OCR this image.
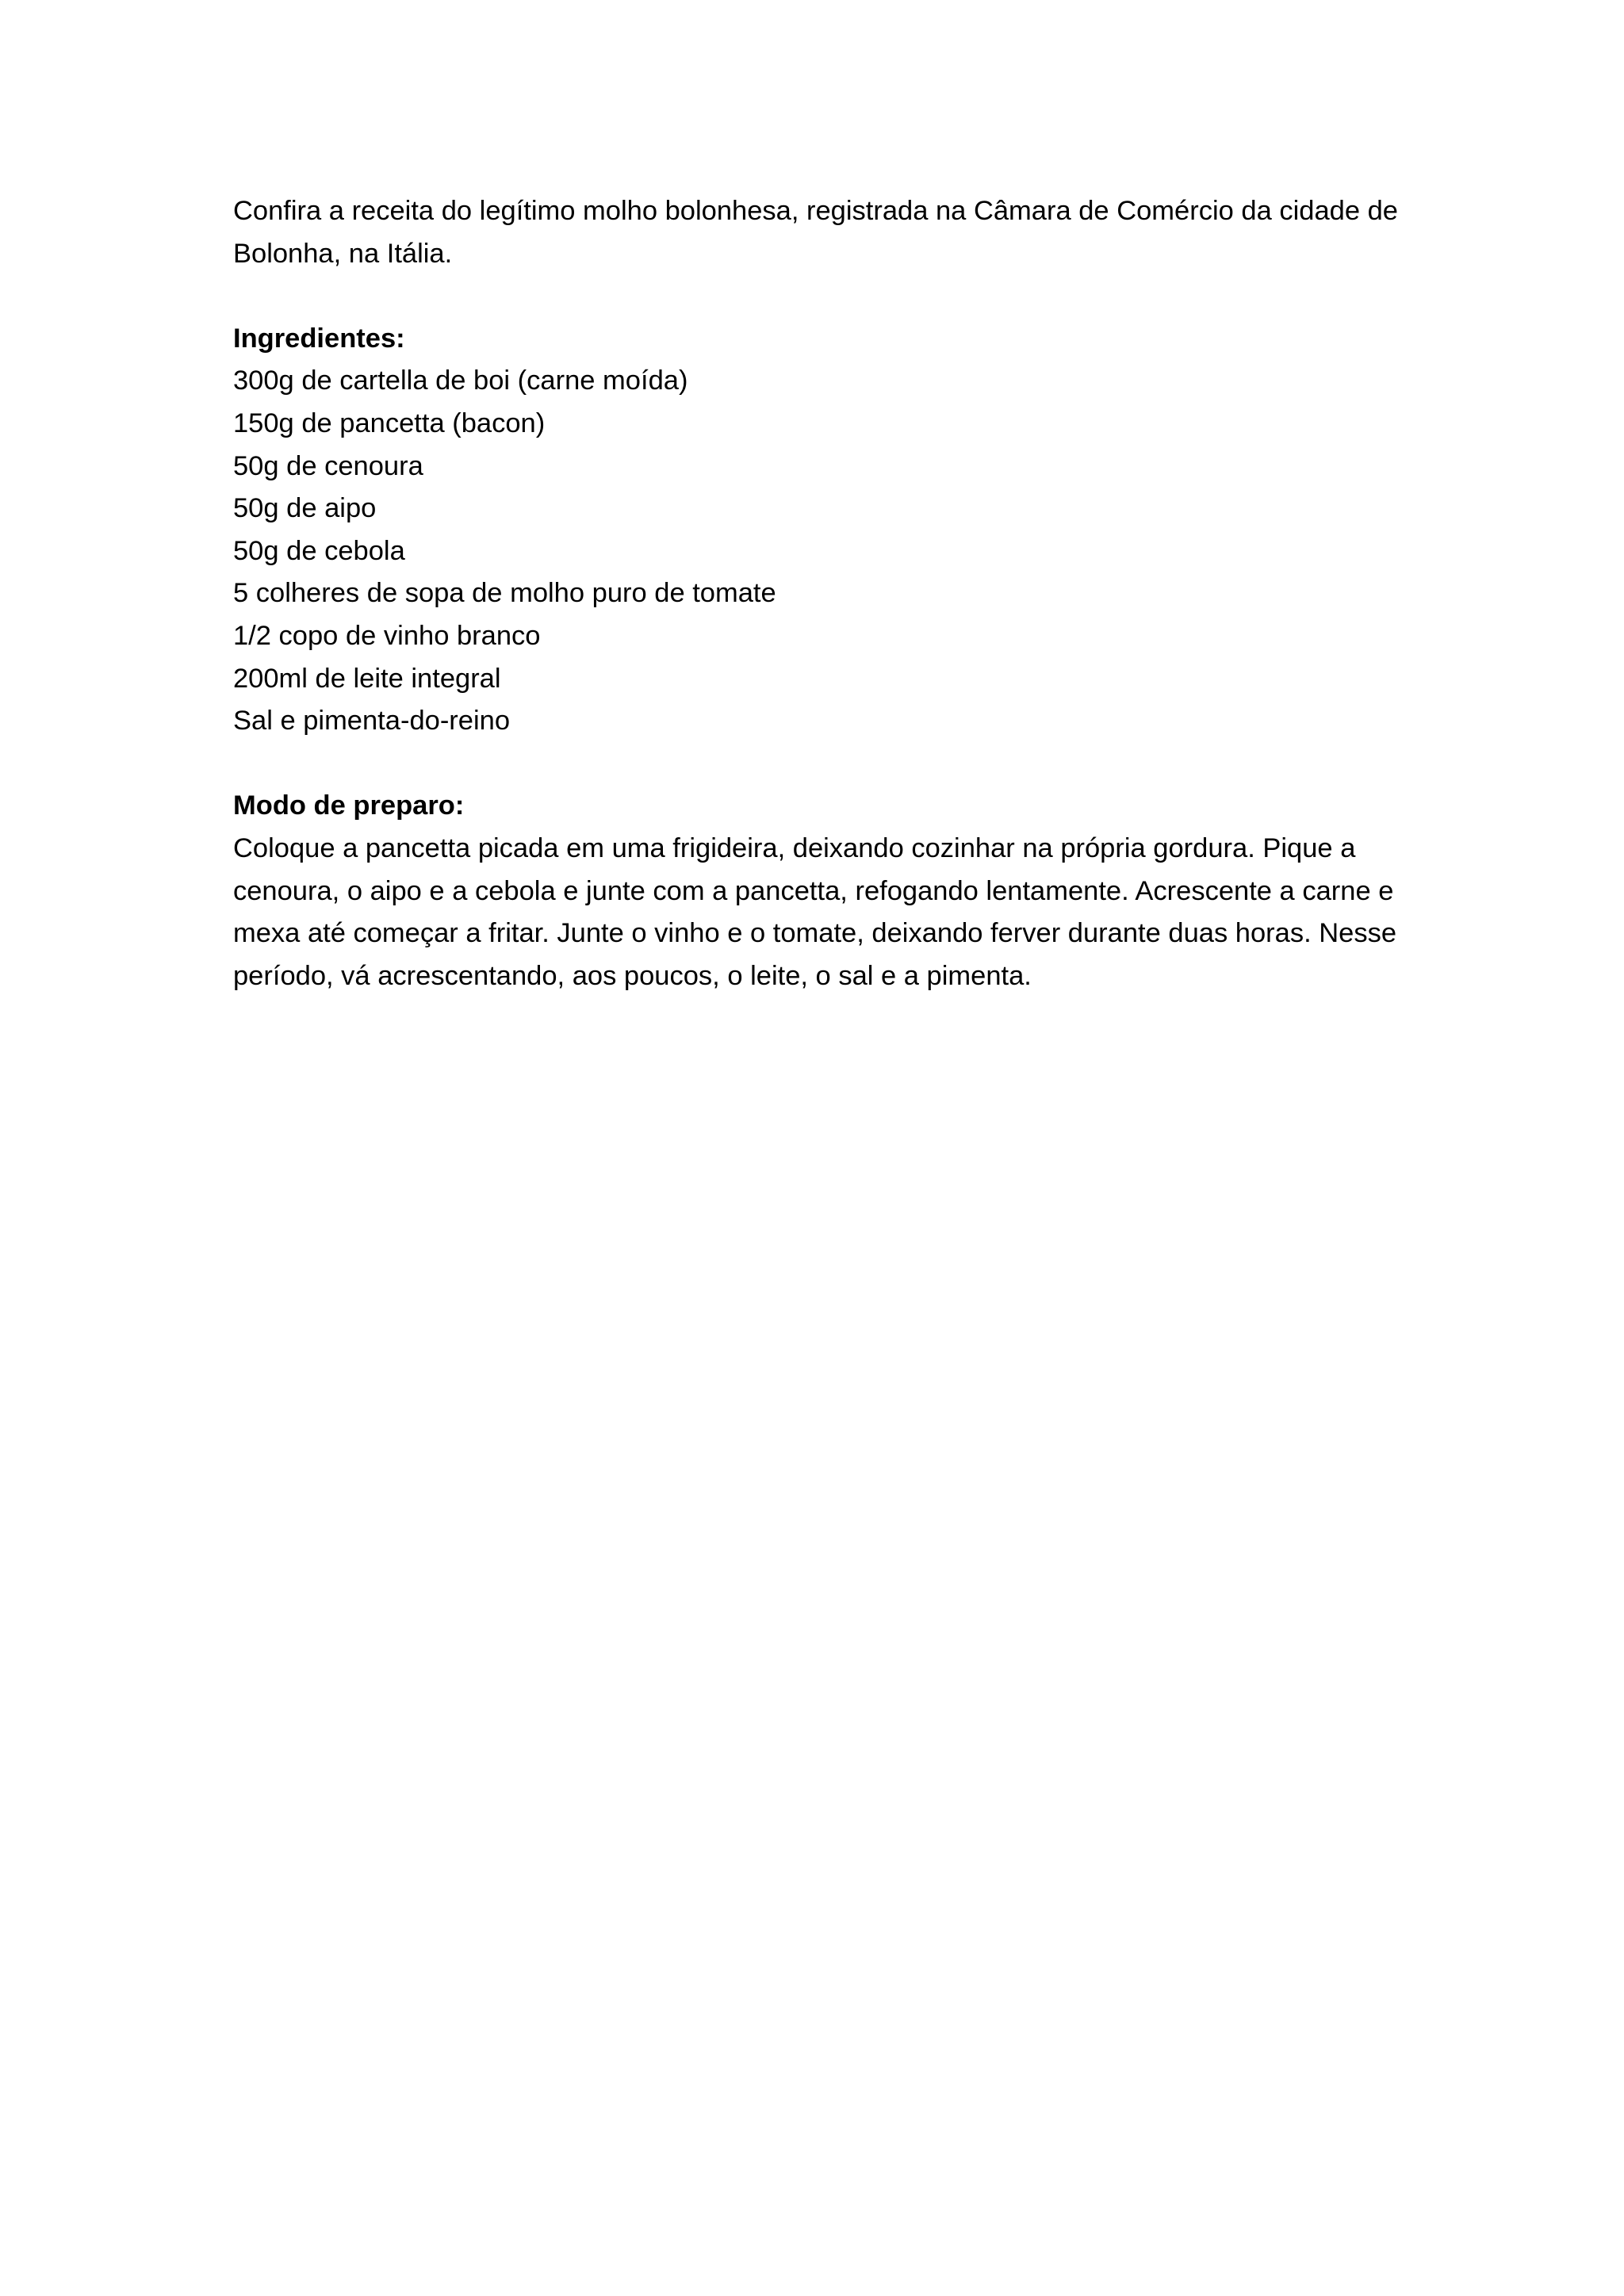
Confira a receita do legítimo molho bolonhesa, registrada na Câmara de Comércio da cidade de Bolonha, na Itália.

Ingredientes:

300g de cartella de boi (carne moída)
150g de pancetta (bacon)
50g de cenoura
50g de aipo
50g de cebola
5 colheres de sopa de molho puro de tomate
1/2 copo de vinho branco
200ml de leite integral
Sal e pimenta-do-reino

Modo de preparo:

Coloque a pancetta picada em uma frigideira, deixando cozinhar na própria gordura. Pique a cenoura, o aipo e a cebola e junte com a pancetta, refogando lentamente. Acrescente a carne e mexa até começar a fritar. Junte o vinho e o tomate, deixando ferver durante duas horas. Nesse período, vá acrescentando, aos poucos, o leite, o sal e a pimenta.
